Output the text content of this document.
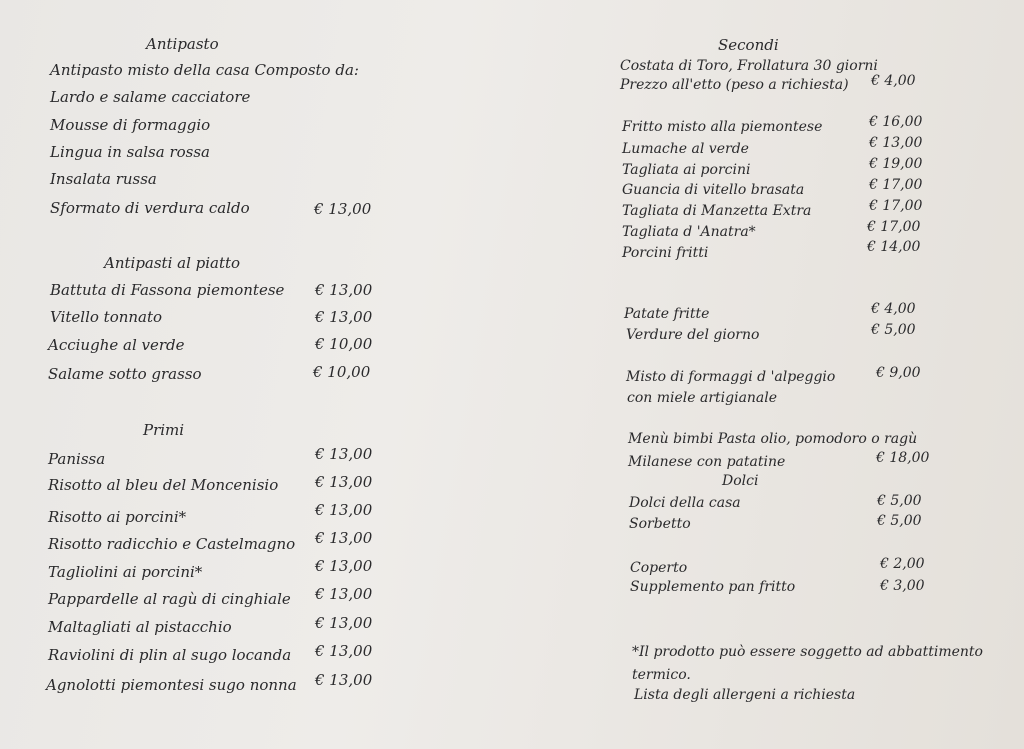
Antipasto
Antipasto misto della casa Composto da:
Lardo e salame cacciatore
Mousse di formaggio
Lingua in salsa rossa
Insalata russa
Sformato di verdura caldo	€ 13,00
Antipasti al piatto
Battuta di Fassona piemontese € 13,00
Vitello tonnato	€ 13,00
Acciughe al verde	€ 10,00
Salame sotto grasso	€ 10,00
Primi
Panissa	€ 13,00
Risotto al bleu del Moncenisio € 13,00
Risotto ai porcini*	€ 13,00
Risotto radicchio e Castelmagno € 13,00
Tagliolini ai porcini*	€ 13,00
Pappardelle al ragù di cinghiale € 13,00
Maltagliati al pistacchio	€ 13,00
Raviolini di plin al sugo locanda € 13,00
Agnolotti piemontesi sugo nonna € 13,00
Secondi
Costata di Toro, Frollatura 30 giorni
Prezzo all'etto (peso a richiesta) € 4,00
Fritto misto alla piemontese	€ 16,00
Lumache al verde	€ 13,00
Tagliata ai porcini	€ 19,00
Guancia di vitello brasata	€ 17,00
Tagliata di Manzetta Extra	€ 17,00
Tagliata d 'Anatra*	€ 17,00
Porcini fritti	€ 14,00
Patate fritte	€ 4,00
Verdure del giorno	€ 5,00
Misto di formaggi d 'alpeggio	€ 9,00
con miele artigianale
Menù bimbi Pasta olio, pomodoro o ragù
Milanese con patatine	€ 18,00
Dolci
Dolci della casa	€ 5,00
Sorbetto	€ 5,00
Coperto	€ 2,00
Supplemento pan fritto	€ 3,00
*Il prodotto può essere soggetto ad abbattimento
termico.
Lista degli allergeni a richiesta
